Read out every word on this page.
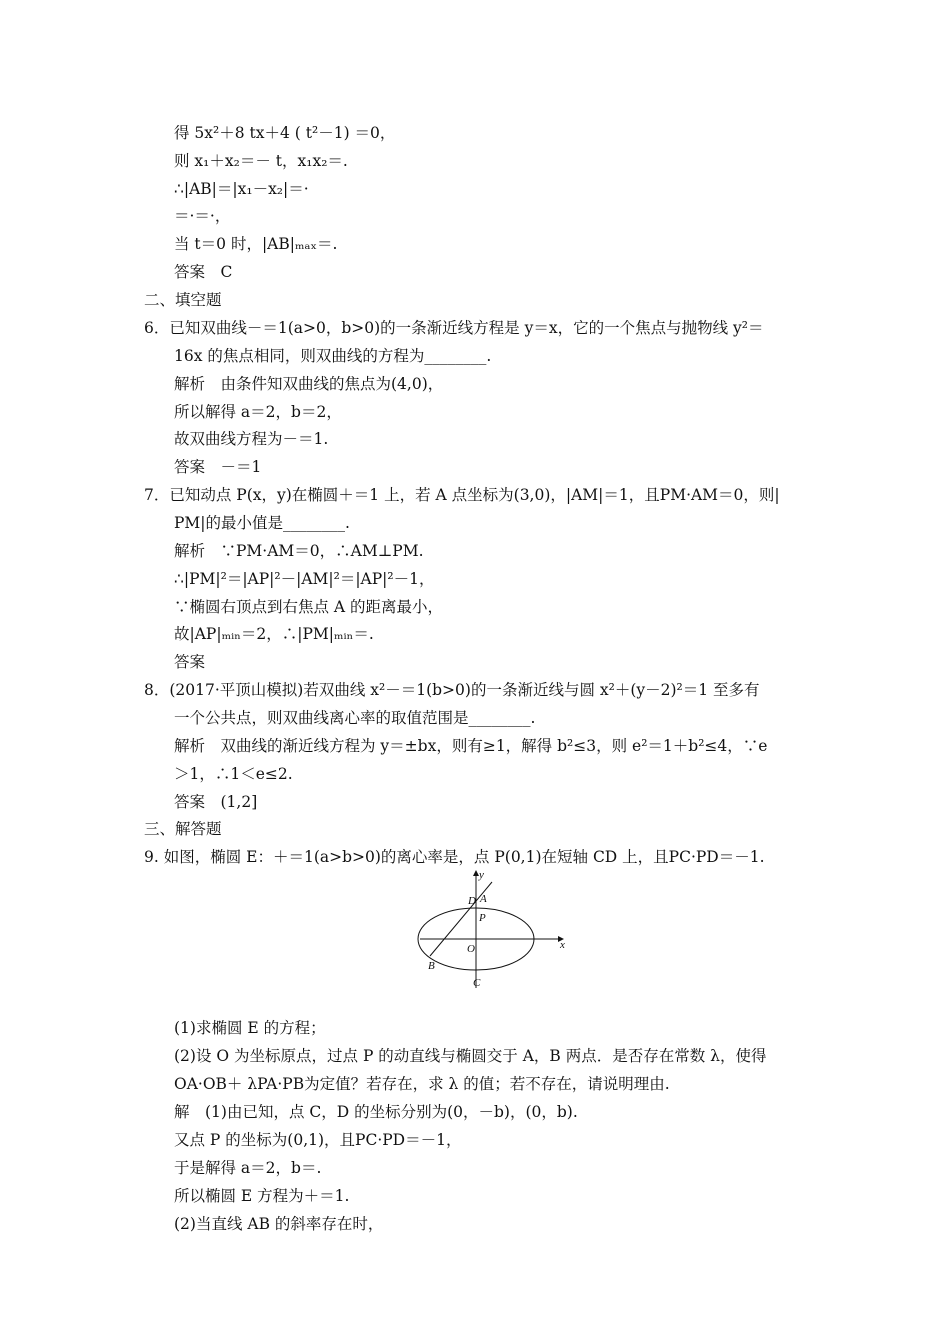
得 5x²＋8 tx＋4 ( t²－1) ＝0，
则 x₁＋x₂＝－ t，x₁x₂＝.
∴|AB|＝|x₁－x₂|＝·
＝·＝·，
当 t＝0 时，|AB|ₘₐₓ＝.
答案　C
二、填空题
6．已知双曲线－＝1(a>0，b>0)的一条渐近线方程是 y＝x，它的一个焦点与抛物线 y²＝
16x 的焦点相同，则双曲线的方程为________.
解析　由条件知双曲线的焦点为(4,0)，
所以解得 a＝2，b＝2，
故双曲线方程为－＝1.
答案　－＝1
7．已知动点 P(x，y)在椭圆＋＝1 上，若 A 点坐标为(3,0)，|AM|＝1，且PM·AM＝0，则|
PM|的最小值是________.
解析　∵PM·AM＝0，∴AM⊥PM.
∴|PM|²＝|AP|²－|AM|²＝|AP|²－1，
∵椭圆右顶点到右焦点 A 的距离最小，
故|AP|ₘᵢₙ＝2，∴|PM|ₘᵢₙ＝.
答案
8．(2017·平顶山模拟)若双曲线 x²－＝1(b>0)的一条渐近线与圆 x²＋(y－2)²＝1 至多有
一个公共点，则双曲线离心率的取值范围是________.
解析　双曲线的渐近线方程为 y＝±bx，则有≥1，解得 b²≤3，则 e²＝1＋b²≤4，∵e
＞1，∴1＜e≤2.
答案　(1,2]
三、解答题
9. 如图，椭圆 E：＋＝1(a>b>0)的离心率是，点 P(0,1)在短轴 CD 上，且PC·PD＝－1.
y
x
D A
P
O
B
C
(1)求椭圆 E 的方程；
(2)设 O 为坐标原点，过点 P 的动直线与椭圆交于 A，B 两点．是否存在常数 λ，使得
OA·OB＋ λPA·PB为定值？若存在，求 λ 的值；若不存在，请说明理由.
解　(1)由已知，点 C，D 的坐标分别为(0，－b)，(0，b).
又点 P 的坐标为(0,1)，且PC·PD＝－1，
于是解得 a＝2，b＝.
所以椭圆 E 方程为＋＝1.
(2)当直线 AB 的斜率存在时，
